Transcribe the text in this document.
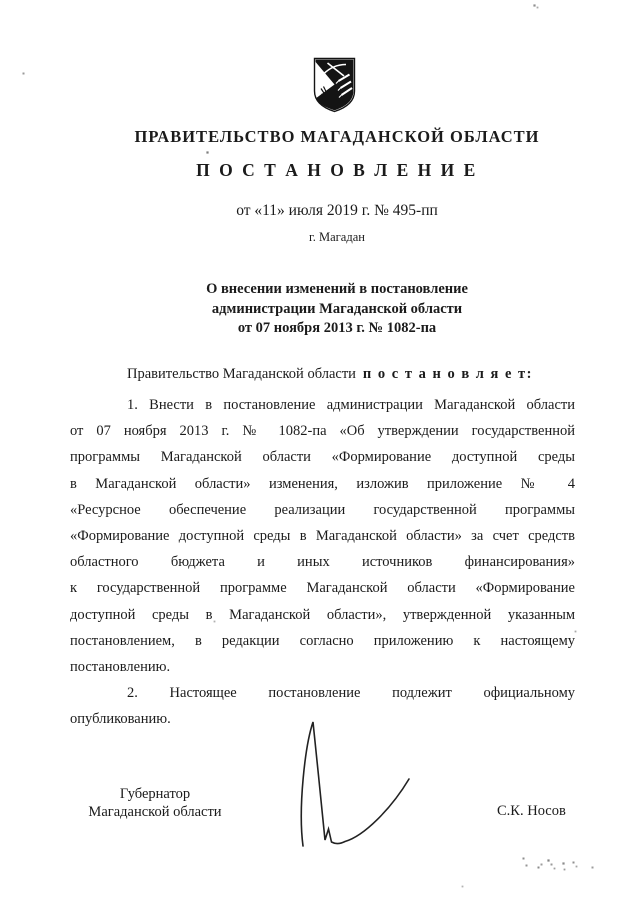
ПРАВИТЕЛЬСТВО МАГАДАНСКОЙ ОБЛАСТИ
П О С Т А Н О В Л Е Н И Е
от «11» июля 2019 г. № 495-пп
г. Магадан
О внесении изменений в постановление
администрации Магаданской области
от 07 ноября 2013 г. № 1082-па
Правительство Магаданской области п о с т а н о в л я е т:
1. Внести в постановление администрации Магаданской области
от 07 ноября 2013 г. № 1082-па «Об утверждении государственной
программы Магаданской области «Формирование доступной среды
в Магаданской области» изменения, изложив приложение № 4
«Ресурсное обеспечение реализации государственной программы
«Формирование доступной среды в Магаданской области» за счет средств
областного бюджета и иных источников финансирования»
к государственной программе Магаданской области «Формирование
доступной среды в Магаданской области», утвержденной указанным
постановлением, в редакции согласно приложению к настоящему
постановлению.
2. Настоящее постановление подлежит официальному
опубликованию.
Губернатор
Магаданской области	С.К. Носов
